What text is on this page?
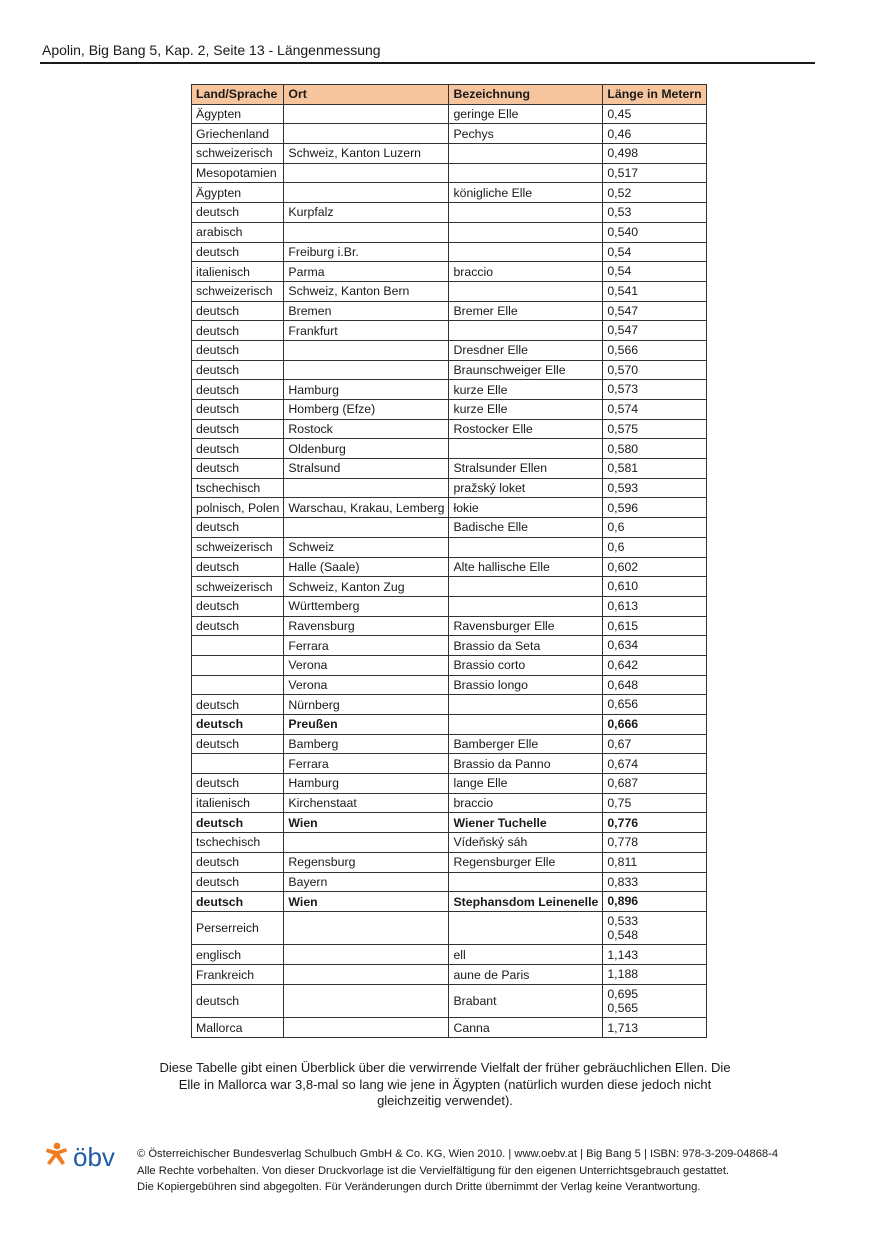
Apolin, Big Bang 5, Kap. 2, Seite 13 - Längenmessung
Land/Sprache	Ort	Bezeichnung	Länge in Metern
Ägypten		geringe Elle	0,45

Griechenland		Pechys	0,46

schweizerisch	Schweiz, Kanton Luzern		0,498

Mesopotamien			0,517

Ägypten		königliche Elle	0,52

deutsch	Kurpfalz		0,53

arabisch			0,540

deutsch	Freiburg i.Br.		0,54

italienisch	Parma	braccio	0,54

schweizerisch	Schweiz, Kanton Bern		0,541

deutsch	Bremen	Bremer Elle	0,547

deutsch	Frankfurt		0,547

deutsch		Dresdner Elle	0,566

deutsch		Braunschweiger Elle	0,570

deutsch	Hamburg	kurze Elle	0,573

deutsch	Homberg (Efze)	kurze Elle	0,574

deutsch	Rostock	Rostocker Elle	0,575

deutsch	Oldenburg		0,580

deutsch	Stralsund	Stralsunder Ellen	0,581

tschechisch		pražský loket	0,593

polnisch, Polen	Warschau, Krakau, Lemberg	łokie	0,596

deutsch		Badische Elle	0,6

schweizerisch	Schweiz		0,6

deutsch	Halle (Saale)	Alte hallische Elle	0,602

schweizerisch	Schweiz, Kanton Zug		0,610

deutsch	Württemberg		0,613

deutsch	Ravensburg	Ravensburger Elle	0,615

	Ferrara	Brassio da Seta	0,634

	Verona	Brassio corto	0,642

	Verona	Brassio longo	0,648

deutsch	Nürnberg		0,656

deutsch	Preußen		0,666

deutsch	Bamberg	Bamberger Elle	0,67

	Ferrara	Brassio da Panno	0,674

deutsch	Hamburg	lange Elle	0,687

italienisch	Kirchenstaat	braccio	0,75

deutsch	Wien	Wiener Tuchelle	0,776

tschechisch		Vídeňský sáh	0,778

deutsch	Regensburg	Regensburger Elle	0,811

deutsch	Bayern		0,833

deutsch	Wien	Stephansdom Leinenelle	0,896

Perserreich			0,533
0,548

englisch		ell	1,143

Frankreich		aune de Paris	1,188

deutsch		Brabant	0,695
0,565

Mallorca		Canna	1,713
Diese Tabelle gibt einen Überblick über die verwirrende Vielfalt der früher gebräuchlichen Ellen. Die Elle in Mallorca war 3,8-mal so lang wie jene in Ägypten (natürlich wurden diese jedoch nicht gleichzeitig verwendet).
öbv © Österreichischer Bundesverlag Schulbuch GmbH & Co. KG, Wien 2010. | www.oebv.at | Big Bang 5 | ISBN: 978-3-209-04868-4
Alle Rechte vorbehalten. Von dieser Druckvorlage ist die Vervielfältigung für den eigenen Unterrichtsgebrauch gestattet.
Die Kopiergebühren sind abgegolten. Für Veränderungen durch Dritte übernimmt der Verlag keine Verantwortung.
